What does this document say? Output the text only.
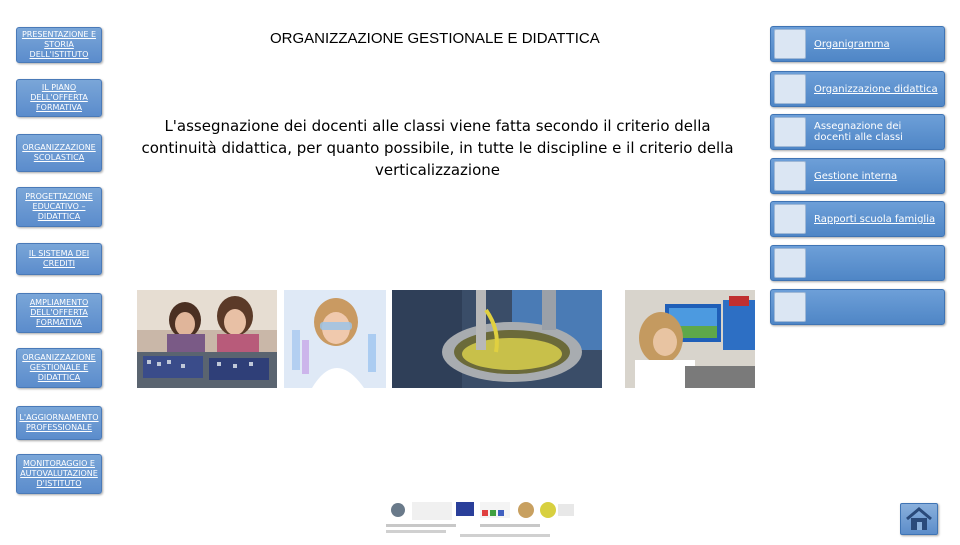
PRESENTAZIONE E STORIA DELL'ISTITUTO
IL PIANO DELL'OFFERTA FORMATIVA
ORGANIZZAZIONE SCOLASTICA
PROGETTAZIONE EDUCATIVO – DIDATTICA
IL SISTEMA DEI CREDITI
AMPLIAMENTO DELL'OFFERTA FORMATIVA
ORGANIZZAZIONE GESTIONALE E DIDATTICA
L'AGGIORNAMENTO PROFESSIONALE
MONITORAGGIO E AUTOVALUTAZIONE D'ISTITUTO
ORGANIZZAZIONE GESTIONALE E DIDATTICA
L'assegnazione dei docenti alle classi viene fatta secondo il criterio della continuità didattica, per quanto possibile, in tutte le discipline e il criterio della verticalizzazione
Organigramma
Organizzazione didattica
Assegnazione dei docenti alle classi
Gestione interna
Rapporti scuola famiglia
